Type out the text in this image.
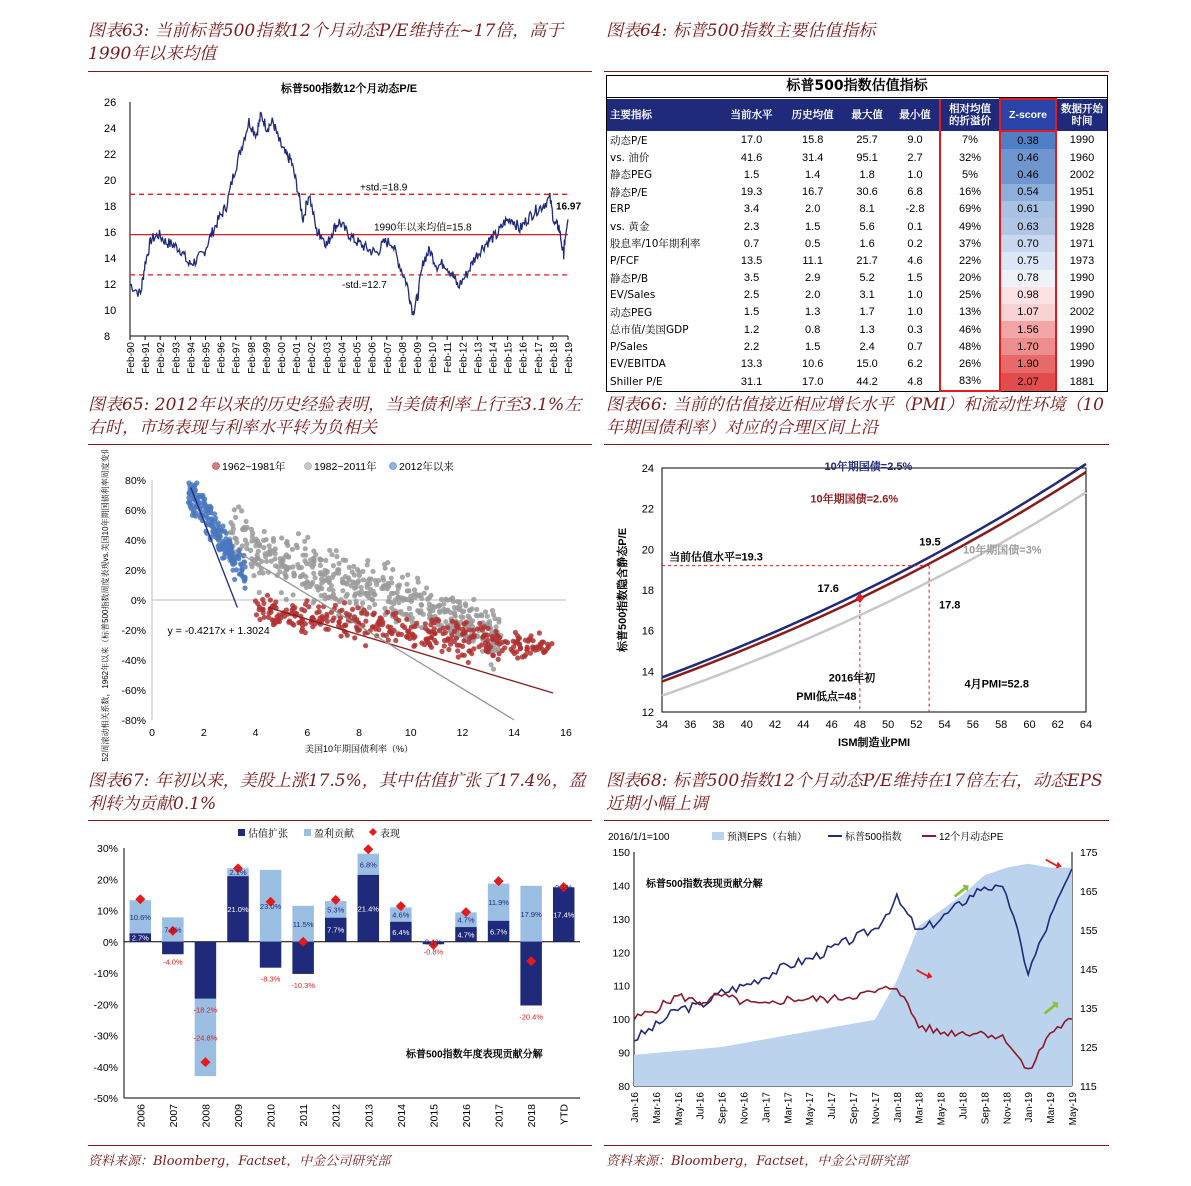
图表63: 当前标普500指数12个月动态P/E维持在~17倍，高于1990年以来均值
图表64: 标普500指数主要估值指标
图表65: 2012年以来的历史经验表明，当美债利率上行至3.1%左右时，市场表现与利率水平转为负相关
图表66: 当前的估值接近相应增长水平（PMI）和流动性环境（10年期国债利率）对应的合理区间上沿
图表67: 年初以来，美股上涨17.5%，其中估值扩张了17.4%，盈利转为贡献0.1%
图表68: 标普500指数12个月动态P/E维持在17倍左右，动态EPS近期小幅上调
标普500指数12个月动态P/E
8
10
12
14
16
18
20
22
24
26
Feb-90 Feb-91 Feb-92 Feb-93 Feb-94 Feb-95 Feb-96 Feb-97 Feb-98 Feb-99 Feb-00 Feb-01 Feb-02 Feb-03 Feb-04 Feb-05 Feb-06 Feb-07 Feb-08 Feb-09 Feb-10 Feb-11 Feb-12 Feb-13 Feb-14 Feb-15 Feb-16 Feb-17 Feb-18 Feb-19
+std.=18.9
1990年以来均值=15.8
-std.=12.7
16.97
标普500指数估值指标
主要指标	当前水平	历史均值	最大值	最小值	相对均值的折溢价	Z-score	数据开始时间
动态P/E	17.0	15.8	25.7	9.0	7%	0.38	1990
vs. 油价	41.6	31.4	95.1	2.7	32%	0.46	1960
静态PEG	1.5	1.4	1.8	1.0	5%	0.46	2002
静态P/E	19.3	16.7	30.6	6.8	16%	0.54	1951
ERP	3.4	2.0	8.1	-2.8	69%	0.61	1990
vs. 黄金	2.3	1.5	5.6	0.1	49%	0.63	1928
股息率/10年期利率	0.7	0.5	1.6	0.2	37%	0.70	1971
P/FCF	13.5	11.1	21.7	4.6	22%	0.75	1973
静态P/B	3.5	2.9	5.2	1.5	20%	0.78	1990
EV/Sales	2.5	2.0	3.1	1.0	25%	0.98	1990
动态PEG	1.5	1.3	1.7	1.0	13%	1.07	2002
总市值/美国GDP	1.2	0.8	1.3	0.3	46%	1.56	1990
P/Sales	2.2	1.5	2.4	0.7	48%	1.70	1990
EV/EBITDA	13.3	10.6	15.0	6.2	26%	1.90	1990
Shiller P/E	31.1	17.0	44.2	4.8	83%	2.07	1881
1962~1981年	1982~2011年 2012年以来
80%
60%
40%
20%
0%
-20%
-40%
-60%
-80%
0	2	4	6	8	10	12	14	16
y = -0.4217x + 1.3024
美国10年期国债利率（%）
52周滚动相关系数，1962年以来（标普500指数周度表现vs.美国10年期国债利率周度变化）	12
14
16
18
20
22
24
34 36 38 40 42 44 46 48 50 52 54 56 58 60 62 64
ISM制造业PMI
标普500指数隐含静态P/E
10年期国债=2.5%
10年期国债=2.6%
10年期国债=3%
当前估值水平=19.3
19.5
17.6
17.8
2016年初
PMI低点=48
4月PMI=52.8
估值扩张	盈利贡献	表现
30%
20%
10%
0%
-10%
-20%
-30%
-40%
-50%
2006
2.7%
10.6%
2007
-4.0%
7.8%
2008
-18.2%
-24.8%
2009
21.0%
2.1%
2010
-8.3%
23.0%
2011
-10.3%
11.5%
2012
7.7%
5.3%
2013
21.4%
6.8%
2014
6.4%
4.6%
2015
-0.8%
0.1%
2016
4.7%
4.7%
2017
6.7%
11.9%
2018
-20.4%
17.9%
YTD
17.4%
0.1%
标普500指数年度表现贡献分解
2016/1/1=100	预测EPS（右轴）	标普500指数	12个月动态PE
80
90
100
110
120
130
140
150
115
125
135
145
155
165
175
Jan-16 Mar-16 May-16 Jul-16 Sep-16 Nov-16 Jan-17 Mar-17 May-17 Jul-17 Sep-17 Nov-17 Jan-18 Mar-18 May-18 Jul-18 Sep-18 Nov-18 Jan-19 Mar-19 May-19
标普500指数表现贡献分解
资料来源：Bloomberg，Factset，中金公司研究部	资料来源：Bloomberg，Factset，中金公司研究部
